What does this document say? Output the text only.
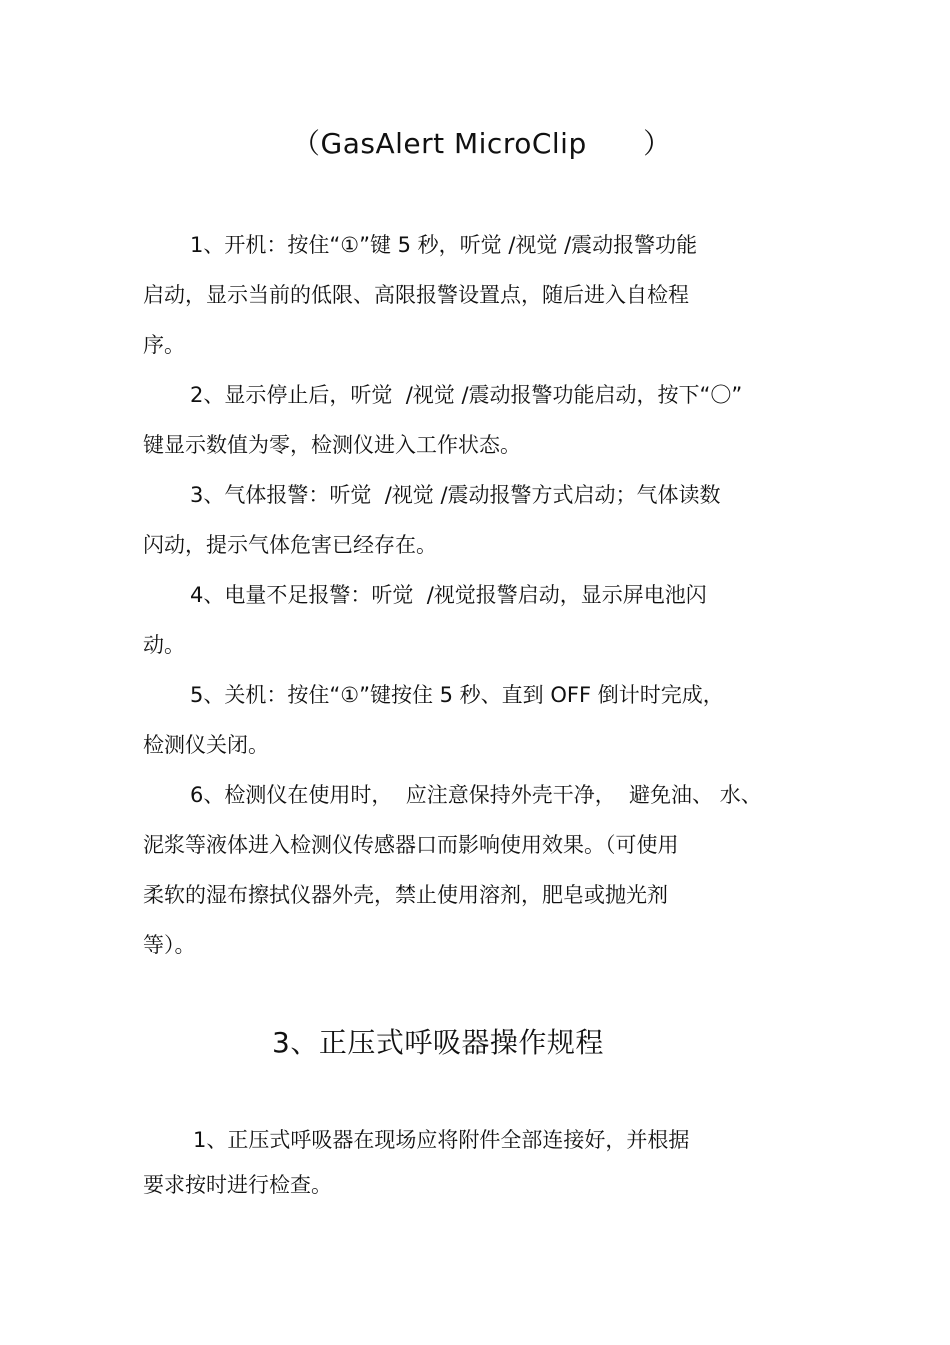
（GasAlert MicroClip      ）
1、开机：按住“①”键 5 秒，听觉 /视觉 /震动报警功能
启动，显示当前的低限、高限报警设置点，随后进入自检程
序。
2、显示停止后，听觉  /视觉 /震动报警功能启动，按下“〇”
键显示数值为零，检测仪进入工作状态。
3、气体报警：听觉  /视觉 /震动报警方式启动；气体读数
闪动，提示气体危害已经存在。
4、电量不足报警：听觉  /视觉报警启动，显示屏电池闪
动。
5、关机：按住“①”键按住 5 秒、直到 OFF 倒计时完成，
检测仪关闭。
6、检测仪在使用时，  应注意保持外壳干净，  避免油、 水、
泥浆等液体进入检测仪传感器口而影响使用效果。（可使用
柔软的湿布擦拭仪器外壳，禁止使用溶剂，肥皂或抛光剂
等）。
3、正压式呼吸器操作规程
1、正压式呼吸器在现场应将附件全部连接好，并根据
要求按时进行检查。
